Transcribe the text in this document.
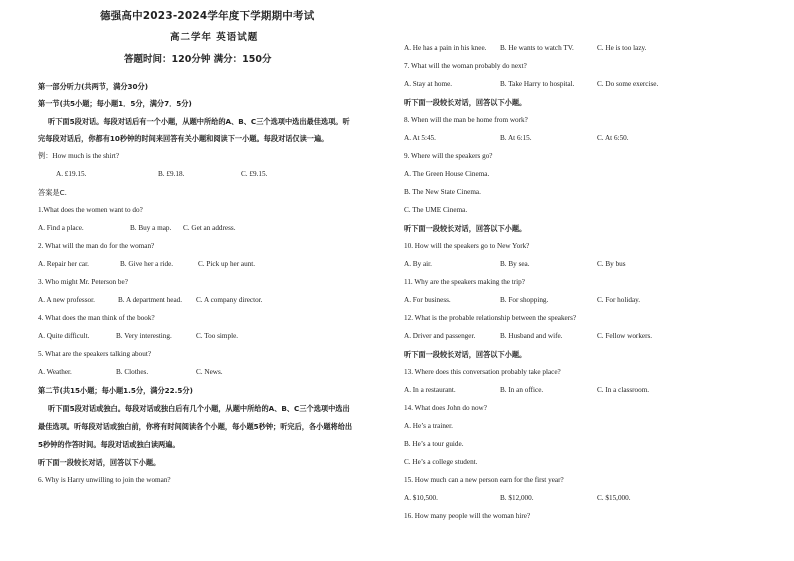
德强高中2023-2024学年度下学期期中考试
高二学年 英语试题
答题时间：120分钟 满分：150分
第一部分听力(共两节，满分30分)
第一节(共5小题；每小题1．5分，满分7．5分)
听下面5段对话。每段对话后有一个小题，从题中所给的A、B、C三个选项中选出最佳选项。听
完每段对话后，你都有10秒钟的时间来回答有关小题和阅读下一小题。每段对话仅读一遍。
例：How much is the shirt?
A. £19.15.	B. £9.18.	C. £9.15.
答案是C.
1.What does the women want to do?
A. Find a place.	B. Buy a map. C. Get an address.
2. What will the man do for the woman?
A. Repair her car.	B. Give her a ride.	C. Pick up her aunt.
3. Who might Mr. Peterson be?
A. A new professor.	B. A department head. C. A company director.
4. What does the man think of the book?
A. Quite difficult.	B. Very interesting.	C. Too simple.
5. What are the speakers talking about?
A. Weather.	B. Clothes.	C. News.
第二节(共15小题；每小题1.5分，满分22.5分)
听下面5段对话或独白。每段对话或独白后有几个小题，从题中所给的A、B、C三个选项中选出
最佳选项。听每段对话或独白前，你将有时间阅读各个小题，每小题5秒钟；听完后，各小题将给出
5秒钟的作答时间。每段对话或独白读两遍。
听下面一段较长对话，回答以下小题。
6. Why is Harry unwilling to join the woman?
A. He has a pain in his knee. B. He wants to watch TV.	C. He is too lazy.
7. What will the woman probably do next?
A. Stay at home.	B. Take Harry to hospital.	C. Do some exercise.
听下面一段较长对话，回答以下小题。
8. When will the man be home from work?
A. At 5:45.	B. At 6:15.	C. At 6:50.
9. Where will the speakers go?
A. The Green House Cinema.
B. The New State Cinema.
C. The UME Cinema.
听下面一段较长对话，回答以下小题。
10. How will the speakers go to New York?
A. By air.	B. By sea.	C. By bus
11. Why are the speakers making the trip?
A. For business.	B. For shopping.	C. For holiday.
12. What is the probable relationship between the speakers?
A. Driver and passenger.	B. Husband and wife.	C. Fellow workers.
听下面一段较长对话，回答以下小题。
13. Where does this conversation probably take place?
A. In a restaurant.	B. In an office.	C. In a classroom.
14. What does John do now?
A. He’s a trainer.
B. He’s a tour guide.
C. He’s a college student.
15. How much can a new person earn for the first year?
A. $10,500.	B. $12,000.	C. $15,000.
16. How many people will the woman hire?
